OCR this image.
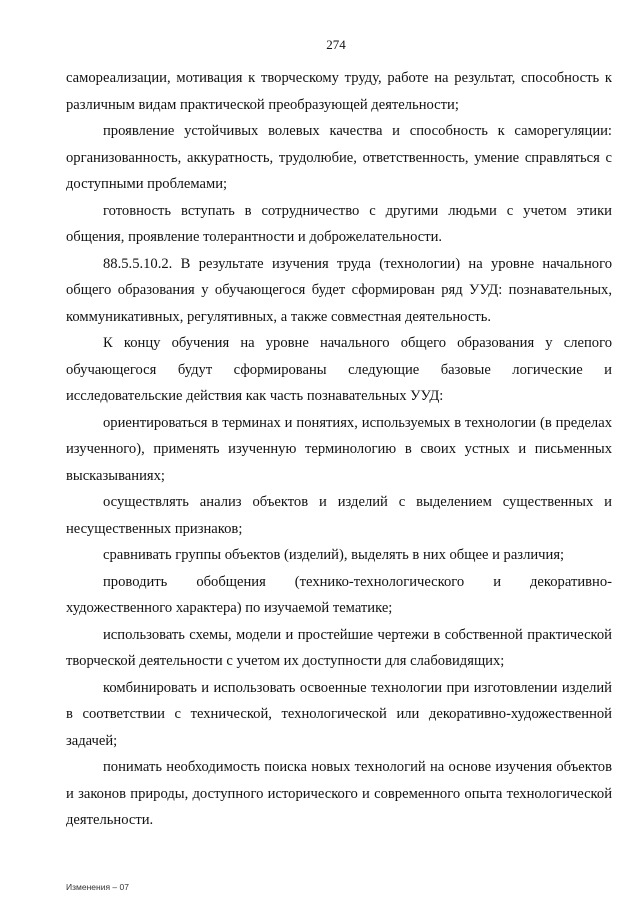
274

самореализации, мотивация к творческому труду, работе на результат, способность к различным видам практической преобразующей деятельности;

проявление устойчивых волевых качества и способность к саморегуляции: организованность, аккуратность, трудолюбие, ответственность, умение справляться с доступными проблемами;

готовность вступать в сотрудничество с другими людьми с учетом этики общения, проявление толерантности и доброжелательности.

88.5.5.10.2. В результате изучения труда (технологии) на уровне начального общего образования у обучающегося будет сформирован ряд УУД: познавательных, коммуникативных, регулятивных, а также совместная деятельность.

К концу обучения на уровне начального общего образования у слепого обучающегося будут сформированы следующие базовые логические и исследовательские действия как часть познавательных УУД:

ориентироваться в терминах и понятиях, используемых в технологии (в пределах изученного), применять изученную терминологию в своих устных и письменных высказываниях;

осуществлять анализ объектов и изделий с выделением существенных и несущественных признаков;

сравнивать группы объектов (изделий), выделять в них общее и различия;

проводить обобщения (технико-технологического и декоративно-художественного характера) по изучаемой тематике;

использовать схемы, модели и простейшие чертежи в собственной практической творческой деятельности с учетом их доступности для слабовидящих;

комбинировать и использовать освоенные технологии при изготовлении изделий в соответствии с технической, технологической или декоративно-художественной задачей;

понимать необходимость поиска новых технологий на основе изучения объектов и законов природы, доступного исторического и современного опыта технологической деятельности.

Изменения – 07
